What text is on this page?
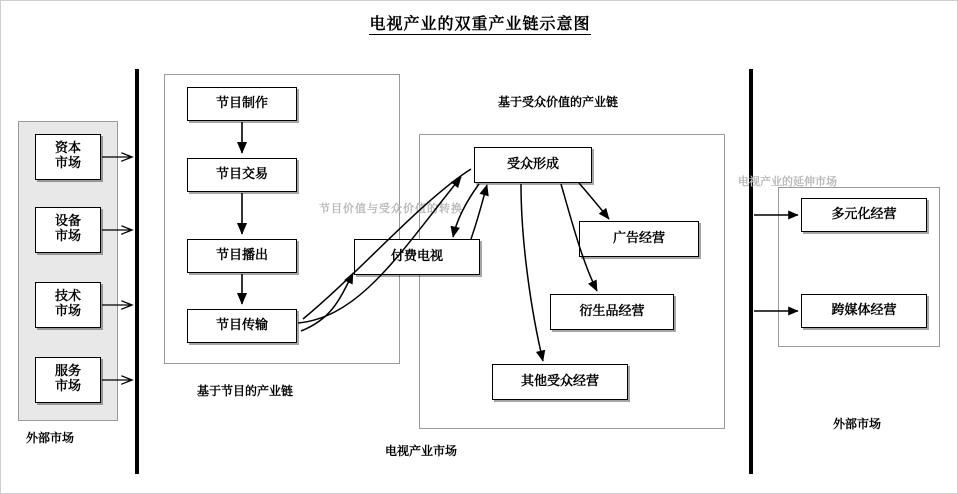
电视产业的双重产业链示意图
资本
市场
设备
市场
技术
市场
服务
市场
外部市场
节目制作
节目交易
节目播出
节目传输
基于节目的产业链
基于受众价值的产业链
节目价值与受众价值的转换
受众形成
付费电视
广告经营
衍生品经营
其他受众经营
电视产业市场
电视产业的延伸市场
多元化经营
跨媒体经营
外部市场
